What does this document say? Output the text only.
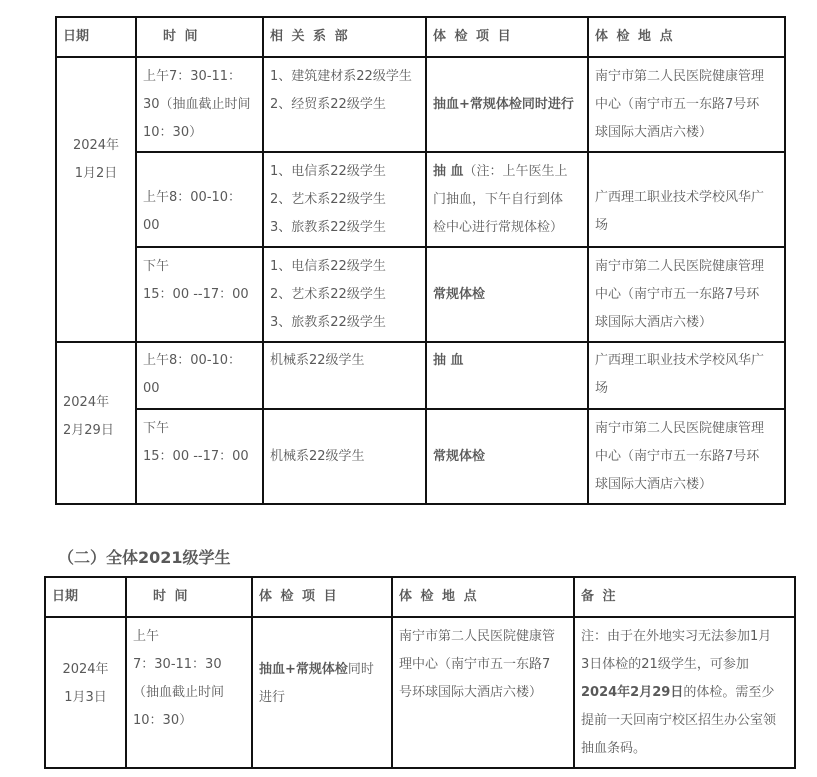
日期	时 间	相 关 系 部	体 检 项 目	体 检 地 点

2024年
1月2日	上午7：30-11：
30（抽血截止时间
10：30）	1、建筑建材系22级学生
2、经贸系22级学生	抽血+常规体检同时进行	南宁市第二人民医院健康管理
中心（南宁市五一东路7号环
球国际大酒店六楼）

	上午8：00-10：
00	1、电信系22级学生
2、艺术系22级学生
3、旅教系22级学生	抽 血（注：上午医生上
门抽血，下午自行到体
检中心进行常规体检）	广西理工职业技术学校风华广
场

	下午
15：00 --17：00	1、电信系22级学生
2、艺术系22级学生
3、旅教系22级学生	常规体检	南宁市第二人民医院健康管理
中心（南宁市五一东路7号环
球国际大酒店六楼）

2024年
2月29日	上午8：00-10：
00	机械系22级学生	抽 血	广西理工职业技术学校风华广
场

	下午
15：00 --17：00	机械系22级学生	常规体检	南宁市第二人民医院健康管理
中心（南宁市五一东路7号环
球国际大酒店六楼）
（二）全体2021级学生
日期	时 间	体 检 项 目	体 检 地 点	备 注

2024年
1月3日	上午
7：30-11：30
（抽血截止时间
10：30）	抽血+常规体检同时
进行	南宁市第二人民医院健康管
理中心（南宁市五一东路7
号环球国际大酒店六楼）	注：由于在外地实习无法参加1月
3日体检的21级学生，可参加
2024年2月29日的体检。需至少
提前一天回南宁校区招生办公室领
抽血条码。
